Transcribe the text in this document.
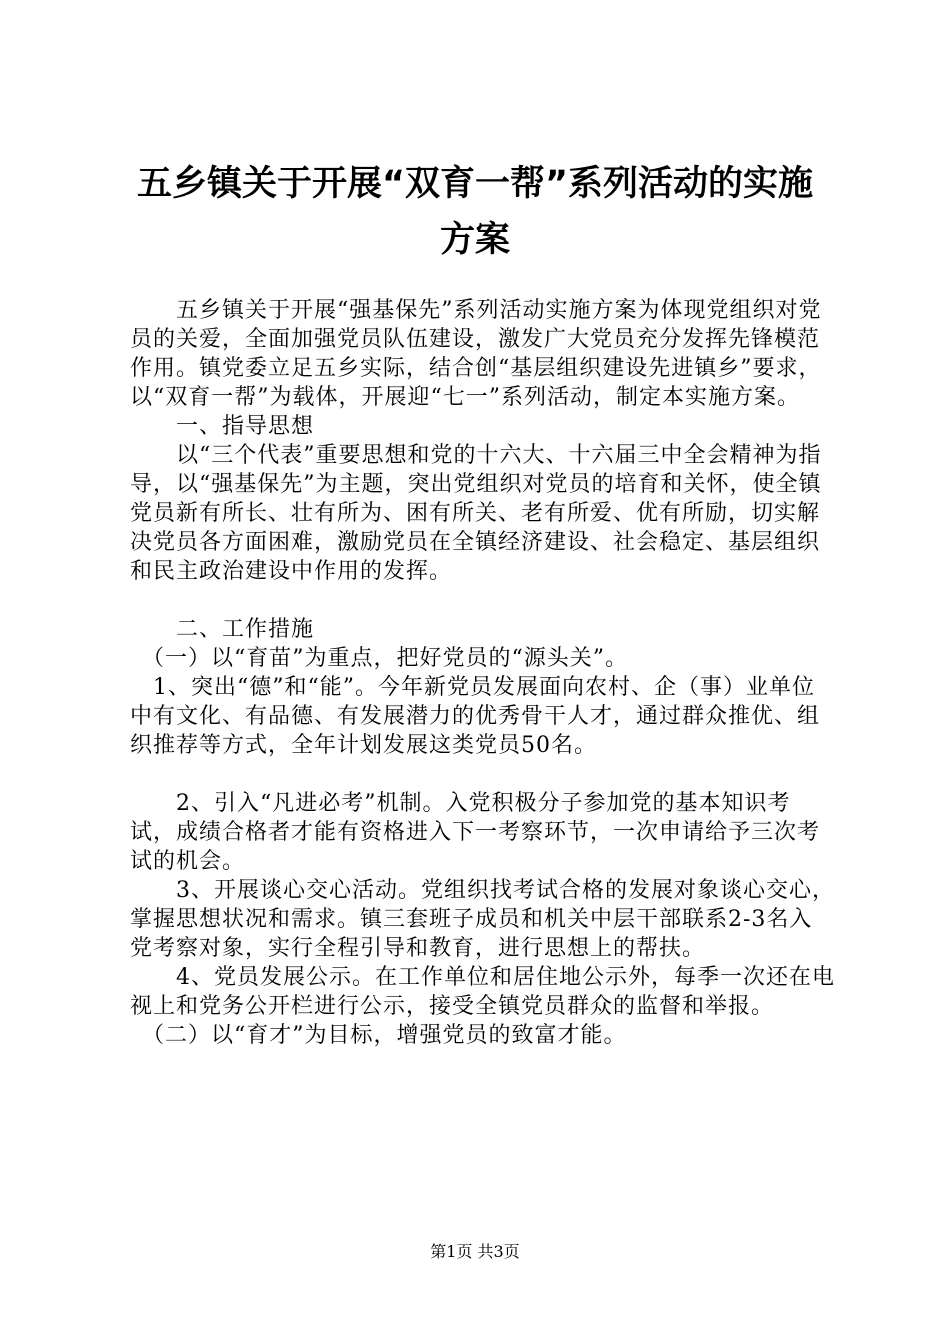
五乡镇关于开展“双育一帮”系列活动的实施
方案

　　五乡镇关于开展“强基保先”系列活动实施方案为体现党组织对党员的关爱，全面加强党员队伍建设，激发广大党员充分发挥先锋模范作用。镇党委立足五乡实际，结合创“基层组织建设先进镇乡”要求，以“双育一帮”为载体，开展迎“七一”系列活动，制定本实施方案。

　　一、指导思想

　　以“三个代表”重要思想和党的十六大、十六届三中全会精神为指导，以“强基保先”为主题，突出党组织对党员的培育和关怀，使全镇党员新有所长、壮有所为、困有所关、老有所爱、优有所励，切实解决党员各方面困难，激励党员在全镇经济建设、社会稳定、基层组织和民主政治建设中作用的发挥。

　　二、工作措施

　（一）以“育苗”为重点，把好党员的“源头关”。

　1、突出“德”和“能”。今年新党员发展面向农村、企（事）业单位中有文化、有品德、有发展潜力的优秀骨干人才，通过群众推优、组织推荐等方式，全年计划发展这类党员50名。

　　2、引入“凡进必考”机制。入党积极分子参加党的基本知识考试，成绩合格者才能有资格进入下一考察环节，一次申请给予三次考试的机会。

　　3、开展谈心交心活动。党组织找考试合格的发展对象谈心交心，掌握思想状况和需求。镇三套班子成员和机关中层干部联系2-3名入党考察对象，实行全程引导和教育，进行思想上的帮扶。

　　4、党员发展公示。在工作单位和居住地公示外，每季一次还在电视上和党务公开栏进行公示，接受全镇党员群众的监督和举报。

　（二）以“育才”为目标，增强党员的致富才能。

第1页 共3页
